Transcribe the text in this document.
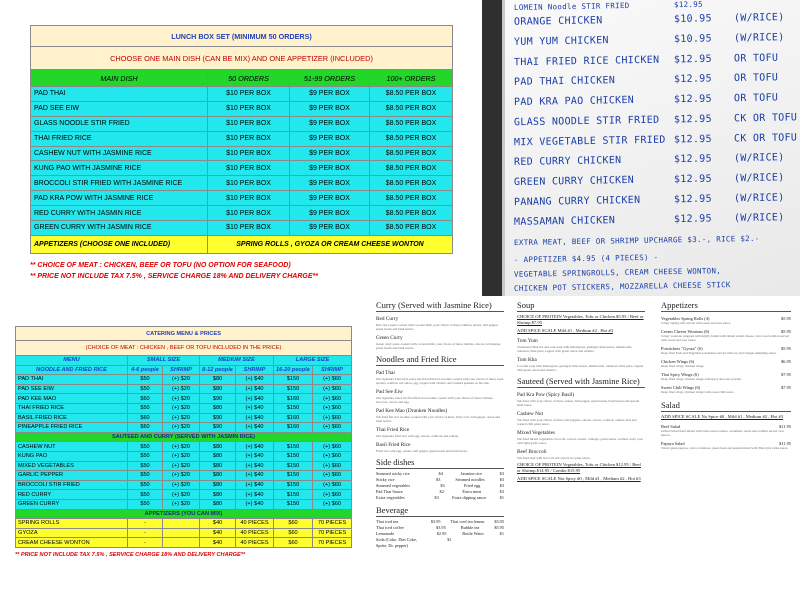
LUNCH BOX SET (MINIMUM 50 ORDERS)			
CHOOSE ONE MAIN DISH (CAN BE MIX) AND ONE APPETIZER (INCLUDED)			
MAIN DISH	50 ORDERS	51-99 ORDERS	100+ ORDERS
PAD THAI	$10 PER BOX	$9 PER BOX	$8.50 PER BOX
PAD SEE EIW	$10 PER BOX	$9 PER BOX	$8.50 PER BOX
GLASS NOODLE STIR FRIED	$10 PER BOX	$9 PER BOX	$8.50 PER BOX
THAI FRIED RICE	$10 PER BOX	$9 PER BOX	$8.50 PER BOX
CASHEW NUT WITH JASMINE RICE	$10 PER BOX	$9 PER BOX	$8.50 PER BOX
KUNG PAO WITH JASMINE RICE	$10 PER BOX	$9 PER BOX	$8.50 PER BOX
BROCCOLI STIR FRIED WITH JASMINE RICE	$10 PER BOX	$9 PER BOX	$8.50 PER BOX
PAD KRA POW WITH JASMINE RICE	$10 PER BOX	$9 PER BOX	$8.50 PER BOX
RED CURRY WITH JASMIN RICE	$10 PER BOX	$9 PER BOX	$8.50 PER BOX
GREEN CURRY WITH JASMIN RICE	$10 PER BOX	$9 PER BOX	$8.50 PER BOX
APPETIZERS (CHOOSE ONE INCLUDED)	SPRING ROLLS , GYOZA OR CREAM CHEESE WONTON		
** CHOICE OF MEAT : CHICKEN, BEEF OR TOFU (NO OPTION FOR SEAFOOD)
** PRICE NOT INCLUDE TAX 7.5% , SERVICE CHARGE 18% AND DELIVERY CHARGE**
CATERING MENU & PRICES						
(CHOICE OF MEAT : CHICKEN , BEEF OR TOFU INCLUDED IN THE PRICE)						
MENU	SMALL SIZE		MEDIUM SIZE		LARGE SIZE	
NOODLE AND FRIED RICE	4-6 people	SHRIMP	8-12 people	SHRIMP	16-20 people	SHRIMP
PAD THAI	$50	(+) $20	$80	(+) $40	$150	(+) $60
PAD SEE EIW	$50	(+) $20	$80	(+) $40	$150	(+) $60
PAD KEE MAO	$60	(+) $20	$90	(+) $40	$160	(+) $60
THAI FRIED RICE	$50	(+) $20	$80	(+) $40	$150	(+) $60
BASIL FRIED RICE	$60	(+) $20	$90	(+) $40	$160	(+) $60
PINEAPPLE FRIED RICE	$60	(+) $20	$90	(+) $40	$160	(+) $60
SAUTEED AND CURRY (SERVED WITH JASMIN RICE)						
CASHEW NUT	$50	(+) $20	$80	(+) $40	$150	(+) $60
KUNG PAO	$50	(+) $20	$80	(+) $40	$150	(+) $60
MIXED VEGETABLES	$50	(+) $20	$80	(+) $40	$150	(+) $60
GARLIC PEPPER	$50	(+) $20	$80	(+) $40	$150	(+) $60
BROCCOLI STIR FRIED	$50	(+) $20	$80	(+) $40	$150	(+) $60
RED CURRY	$50	(+) $20	$80	(+) $40	$150	(+) $60
GREEN CURRY	$50	(+) $20	$80	(+) $40	$150	(+) $60
APPETIZERS (YOU CAN MIX)						
SPRING ROLLS	-		$40	40 PIECES	$60	70 PIECES
GYOZA	-		$40	40 PIECES	$60	70 PIECES
CREAM CHEESE WONTON	-		$40	40 PIECES	$60	70 PIECES
** PRICE NOT INCLUDE TAX 7.5% , SERVICE CHARGE 18% AND DELIVERY CHARGE**
LOMEIN Noodle STIR FRIED	$12.95
ORANGE CHICKEN	$10.95 (W/RICE)
YUM YUM CHICKEN	$10.95 (W/RICE)
THAI FRIED RICE CHICKEN $12.95 OR TOFU
PAD THAI CHICKEN	$12.95 OR TOFU
PAD KRA PAO CHICKEN	$12.95 OR TOFU
GLASS NOODLE STIR FRIED $12.95 CK OR TOFU
MIX VEGETABLE STIR FRIED $12.95 CK OR TOFU
RED CURRY CHICKEN	$12.95 (W/RICE)
GREEN CURRY CHICKEN	$12.95 (W/RICE)
PANANG CURRY CHICKEN	$12.95 (W/RICE)
MASSAMAN CHICKEN	$12.95 (W/RICE)
EXTRA MEAT, BEEF OR SHRIMP UPCHARGE $3.-, RICE $2.-
- APPETIZER $4.95 (4 PIECES) -
VEGETABLE SPRINGROLLS, CREAM CHEESE WONTON,
CHICKEN POT STICKERS, MOZZARELLA CHEESE STICK
Curry (Served with Jasmine Rice)
Red Curry

Red curry paste cooked with coconut milk, your choice of meat, bamboo shoots, bell pepper, green beans and basil leaves.

Green Curry

Green curry paste cooked with coconut milk, your choice of meat, bamboo shoots, bell pepper, green beans and basil leaves.

Noodles and Fried Rice
Pad Thai

Our signature Thai-style sauce stir-fried thin rice noodles cooked with your choice of meat, bean sprouts, scallion, red onion, egg, topped with cilantro and crushed peanuts on the side.

Pad See Eiw

Our signature sauce stir-fried flat rice noodles cooked with your choice of meat, Chinese broccoli, carrots and egg.

Pad Kee Mao (Drunken Noodles)

Stir-fried flat rice noodles cooked with your choice of meat, baby corn, bell pepper, onion and basil leaves.

Thai Fried Rice

Our signature fried rice with egg, onions, scallions and tomato.

Basil Fried Rice

Fried rice with egg, onions, bell pepper, green beans and basil leaves.

Side dishes
Steamed sticky rice	$4	Jasmine rice	$3
Sticky rice	$3	Steamed noodles	$3
Steamed vegetables	$3	Fried egg	$3
Pad Thai Sauce	$2	Extra meat	$3
Extra vegetables	$3	Extra dipping sauce	$1
Beverage
Thai iced tea	$3.95 Thai iced tea lemon $3.95
Thai iced coffee	$3.95	Bubble tea	$5.95
Lemonade	$2.95	Bottle Water	$1
Soda (Coke, Diet Coke, Sprite, Dr. pepper)
$1
Soup
CHOICE OF PROTEIN Vegetables, Tofu or Chicken $5.95 / Beef or Shrimp $7.95
ADD SPICE SCALE Mild #1 , Medium #2 , Hot #3
Tom Yum

Traditional Thai hot and sour soup with lemongrass, galangal, lime leaves, mushrooms, tomatoes, lime juice, topped with green onion and cilantro.

Tom Kha

Coconut soup with lemongrass, galangal, lime leaves, mushrooms, tomatoes, lime juice, topped with green onion and cilantro.

Sauteed (Served with Jasmine Rice)
Pad Kra Pow (Spicy Basil)

Stir-fried with your choice of meat, onions, bell pepper, green beans, basil leaves and special basil sauce.

Cashew Nut

Stir-fried with your choice of meat, bell peppers, onions, carrots, scallion, cashew nuts and roasted chili paste sauce.

Mixed Vegetables

Stir-fried mixed vegetables, broccoli, carrots, onions, cabbage, green beans, scallion, baby corn with light garlic sauce.

Beef Broccoli

Stir-fried beef with broccoli and carrots in oyster sauce.

CHOICE OF PROTEIN Vegetables, Tofu or Chicken $12.95 / Beef or Shrimp $14.95 / Combo $15.95
ADD SPICE SCALE Not Spicy #0 , Mild #1 , Medium #2 , Hot #3
Appetizers
Vegetables Spring Rolls (4)	$5.95

Crispy spring rolls served with sweet and sour sauce.

Cream Cheese Wontons (6)	$5.95

Crispy wontons wrapped with lightly folded with mixed cream cheese, carrot and scallion served with sweet and sour sauce.

Potstickers "Gyoza" (6)	$5.95

Deep fried Pork and Vegetable potstickers served with soy and vinegar dumpling sauce.

Chicken Wings (6)	$6.95

Deep fried crispy chicken wings.

Thai Spicy Wings (6)	$7.95

Deep fried crispy chicken wings with spicy and sour powder.

Sweet Chili Wings (6)	$7.95

Deep fried crispy chicken wings with sweet chili sauce.

Salad
ADD SPICE SCALE No Spice #0 , Mild #1 , Medium #2 , Hot #3
Beef Salad	$11.95

Grilled Sliced beef mixed with Lime sauce tomato, cucumber, onion and scallion served over lettuce.

Papaya Salad	$11.95

Sliced green papaya, carrot, tomatoes, green bean and peanut mixed with Thai style Lime sauce.
